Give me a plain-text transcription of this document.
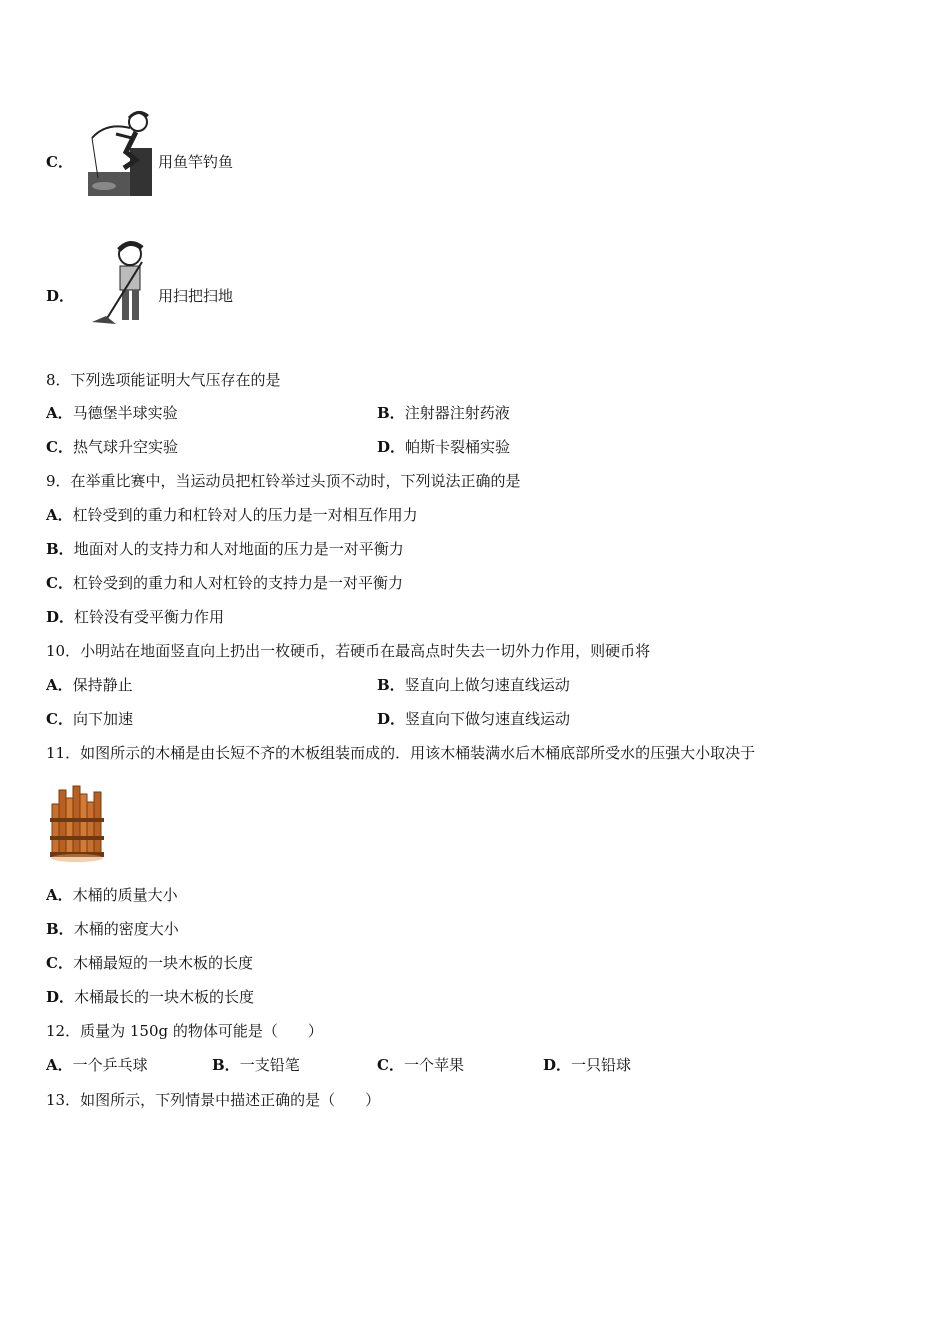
C．	用鱼竿钓鱼
D．	用扫把扫地
8．下列选项能证明大气压存在的是
A．马德堡半球实验	B．注射器注射药液
C．热气球升空实验	D．帕斯卡裂桶实验
9．在举重比赛中，当运动员把杠铃举过头顶不动时，下列说法正确的是
A．杠铃受到的重力和杠铃对人的压力是一对相互作用力
B．地面对人的支持力和人对地面的压力是一对平衡力
C．杠铃受到的重力和人对杠铃的支持力是一对平衡力
D．杠铃没有受平衡力作用
10．小明站在地面竖直向上扔出一枚硬币，若硬币在最高点时失去一切外力作用，则硬币将
A．保持静止	B．竖直向上做匀速直线运动
C．向下加速	D．竖直向下做匀速直线运动
11．如图所示的木桶是由长短不齐的木板组装而成的．用该木桶装满水后木桶底部所受水的压强大小取决于
A．木桶的质量大小
B．木桶的密度大小
C．木桶最短的一块木板的长度
D．木桶最长的一块木板的长度
12．质量为 150g 的物体可能是（　　）
A．一个乒乓球	B．一支铅笔	C．一个苹果	D．一只铅球
13．如图所示，下列情景中描述正确的是（　　）
